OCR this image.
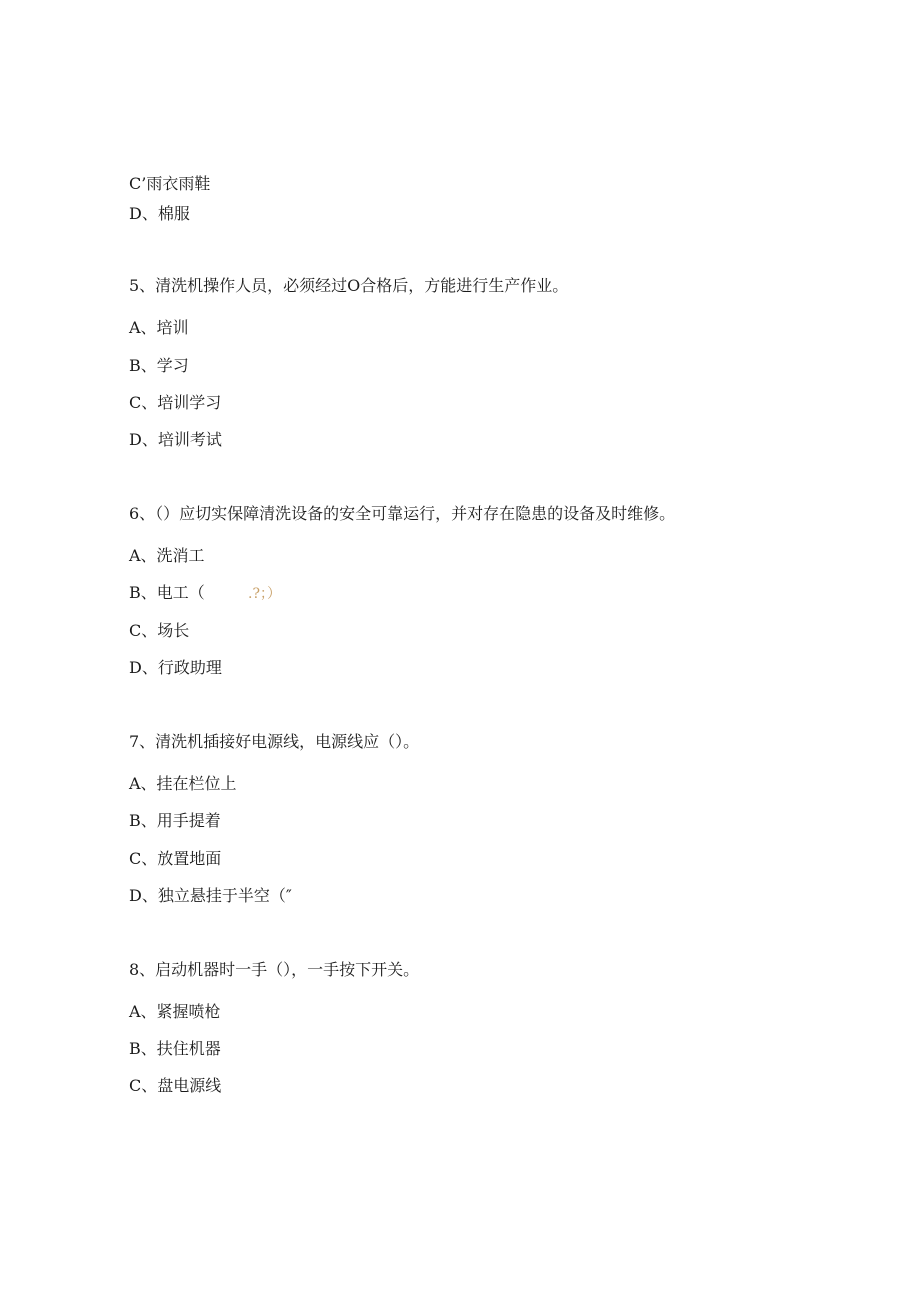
C’雨衣雨鞋
D、棉服
5、清洗机操作人员，必须经过O合格后，方能进行生产作业。
A、培训
B、学习
C、培训学习
D、培训考试
6、（）应切实保障清洗设备的安全可靠运行，并对存在隐患的设备及时维修。
A、洗消工
B、电工（	.?；）
C、场长
D、行政助理
7、清洗机插接好电源线，电源线应（）。
A、挂在栏位上
B、用手提着
C、放置地面
D、独立悬挂于半空（″
8、启动机器时一手（），一手按下开关。
A、紧握喷枪
B、扶住机器
C、盘电源线
